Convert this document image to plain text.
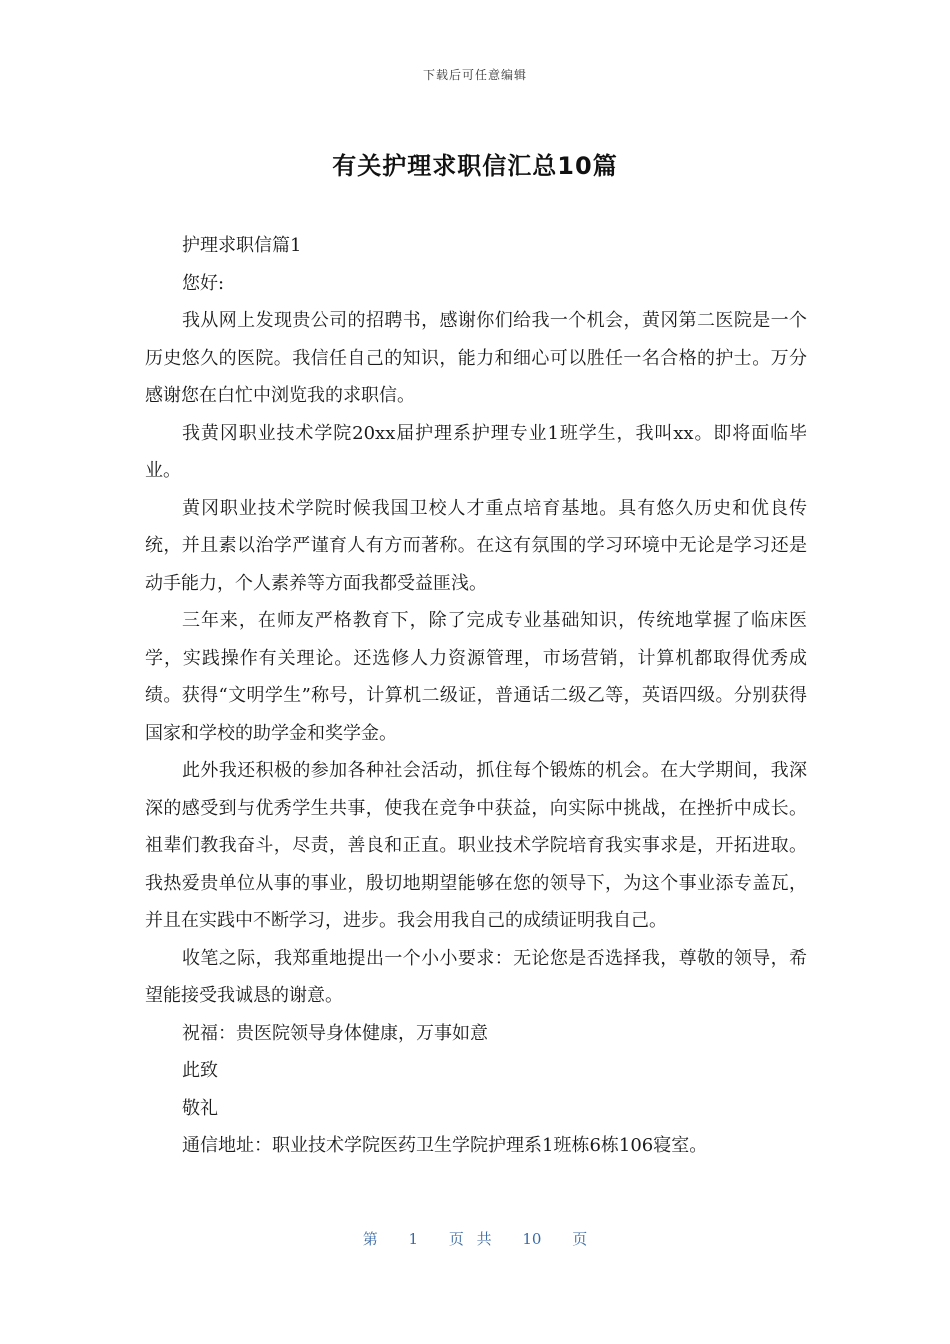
下载后可任意编辑
有关护理求职信汇总10篇

护理求职信篇1

您好:

我从网上发现贵公司的招聘书，感谢你们给我一个机会，黄冈第二医院是一个历史悠久的医院。我信任自己的知识，能力和细心可以胜任一名合格的护士。万分感谢您在白忙中浏览我的求职信。

我黄冈职业技术学院20xx届护理系护理专业1班学生，我叫xx。即将面临毕业。

黄冈职业技术学院时候我国卫校人才重点培育基地。具有悠久历史和优良传统，并且素以治学严谨育人有方而著称。在这有氛围的学习环境中无论是学习还是动手能力，个人素养等方面我都受益匪浅。

三年来，在师友严格教育下，除了完成专业基础知识，传统地掌握了临床医学，实践操作有关理论。还选修人力资源管理，市场营销，计算机都取得优秀成绩。获得“文明学生”称号，计算机二级证，普通话二级乙等，英语四级。分别获得国家和学校的助学金和奖学金。

此外我还积极的参加各种社会活动，抓住每个锻炼的机会。在大学期间，我深深的感受到与优秀学生共事，使我在竞争中获益，向实际中挑战，在挫折中成长。祖辈们教我奋斗，尽责，善良和正直。职业技术学院培育我实事求是，开拓进取。我热爱贵单位从事的事业，殷切地期望能够在您的领导下，为这个事业添专盖瓦，并且在实践中不断学习，进步。我会用我自己的成绩证明我自己。

收笔之际，我郑重地提出一个小小要求：无论您是否选择我，尊敬的领导，希望能接受我诚恳的谢意。

祝福：贵医院领导身体健康，万事如意

此致

敬礼

通信地址：职业技术学院医药卫生学院护理系1班栋6栋106寝室。

第 1 页 共 10 页
